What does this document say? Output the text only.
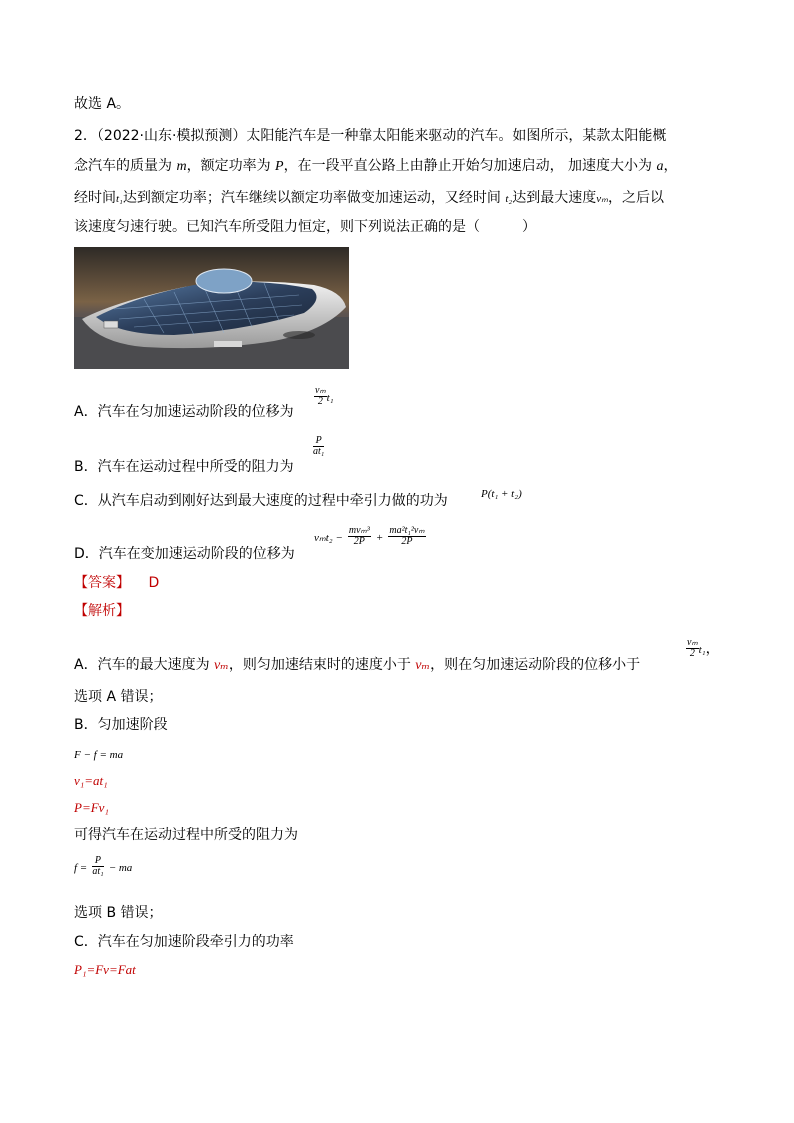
故选 A。
2．（2022·山东·模拟预测）太阳能汽车是一种靠太阳能来驱动的汽车。如图所示，某款太阳能概
念汽车的质量为 m，额定功率为 P，在一段平直公路上由静止开始匀加速启动， 加速度大小为 a，
经时间t₁达到额定功率；汽车继续以额定功率做变加速运动，又经时间 t₂达到最大速度vₘ，之后以
该速度匀速行驶。已知汽车所受阻力恒定，则下列说法正确的是（　　　）
A．汽车在匀加速运动阶段的位移为
$\frac{\text{vₘ}}{2} t_1$
B．汽车在运动过程中所受的阻力为
$\frac{P}{\text{at₁}}$
C．从汽车启动到刚好达到最大速度的过程中牵引力做的功为	P(t₁ + t₂)
D．汽车在变加速运动阶段的位移为
$v_mt_2 - \frac{\text{mvₘ³}}{2P} + \frac{\text{ma²t₁²vₘ}}{2P}$
【答案】 D
【解析】
A．汽车的最大速度为 vₘ，则匀加速结束时的速度小于 vₘ，则在匀加速运动阶段的位移小于
$\frac{\text{vₘ}}{2} t_1$，
选项 A 错误；
B．匀加速阶段
F − f = ma
v₁=at₁
P=Fv₁
可得汽车在运动过程中所受的阻力为
$f = \frac{P}{\text{at₁}}$ − ma
选项 B 错误；
C．汽车在匀加速阶段牵引力的功率
P₁=Fv=Fat
